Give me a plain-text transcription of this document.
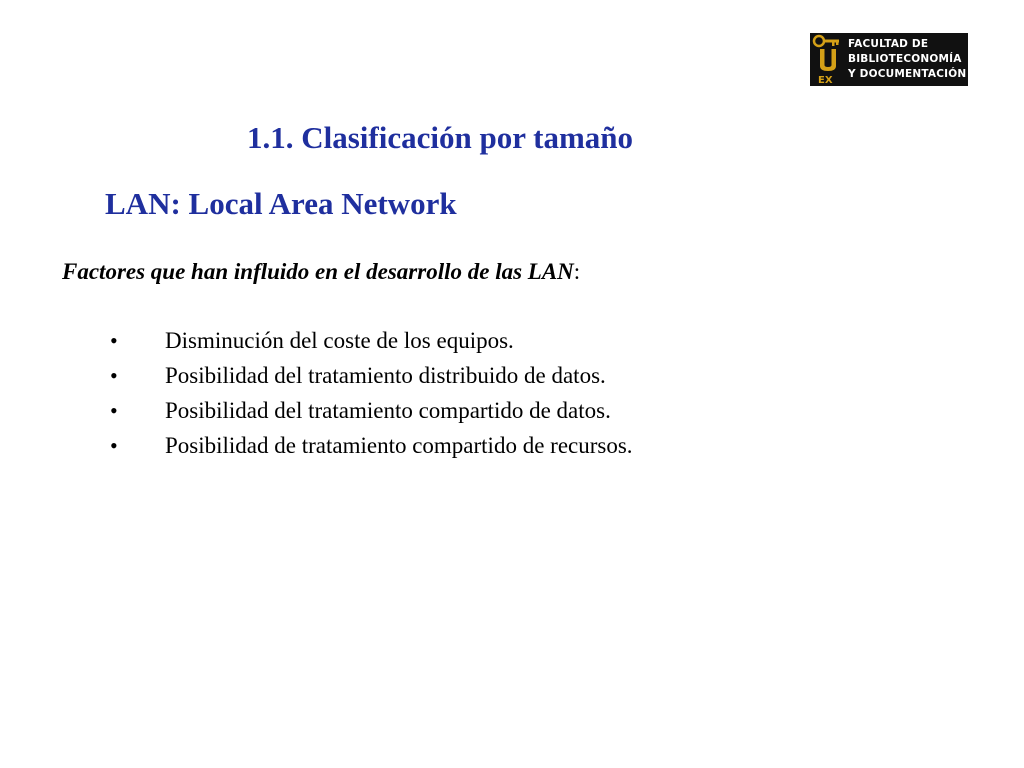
EX
FACULTAD DE
BIBLIOTECONOMÍA
Y DOCUMENTACIÓN
1.1. Clasificación por tamaño
LAN: Local Area Network

Factores que han influido en el desarrollo de las LAN:

•	Disminución del coste de los equipos.
•	Posibilidad del tratamiento distribuido de datos.
•	Posibilidad del tratamiento compartido de datos.
•	Posibilidad de tratamiento compartido de recursos.
